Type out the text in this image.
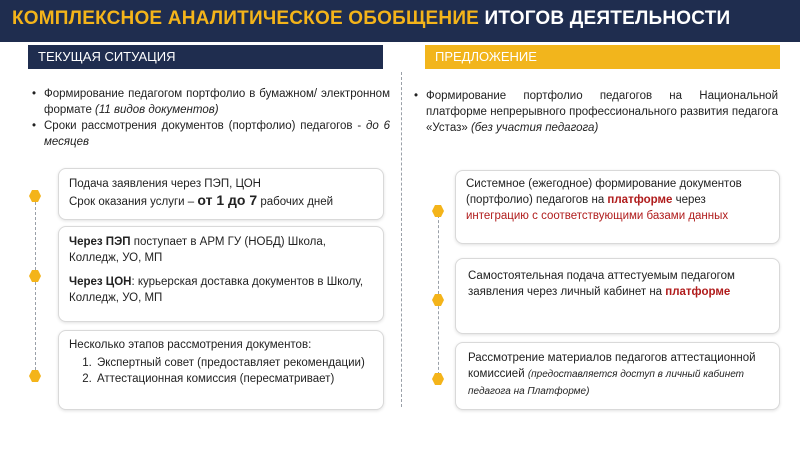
КОМПЛЕКСНОЕ АНАЛИТИЧЕСКОЕ ОБОБЩЕНИЕ ИТОГОВ ДЕЯТЕЛЬНОСТИ
ТЕКУЩАЯ СИТУАЦИЯ
• Формирование педагогом портфолио в бумажном/ электронном формате (11 видов документов)
• Сроки рассмотрения документов (портфолио) педагогов - до 6 месяцев
Подача заявления через ПЭП, ЦОН
Срок оказания услуги – от 1 до 7 рабочих дней
Через ПЭП поступает в АРМ ГУ (НОБД) Школа, Колледж, УО, МП
Через ЦОН: курьерская доставка документов в Школу, Колледж, УО, МП
Несколько этапов рассмотрения документов:
1. Экспертный совет (предоставляет рекомендации)
2. Аттестационная комиссия (пересматривает)
ПРЕДЛОЖЕНИЕ
• Формирование портфолио педагогов на Национальной платформе непрерывного профессионального развития педагога «Устаз» (без участия педагога)
Системное (ежегодное) формирование документов (портфолио) педагогов на платформе через интеграцию с соответствующими базами данных
Самостоятельная подача аттестуемым педагогом заявления через личный кабинет на платформе
Рассмотрение материалов педагогов аттестационной комиссией (предоставляется доступ в личный кабинет педагога на Платформе)
